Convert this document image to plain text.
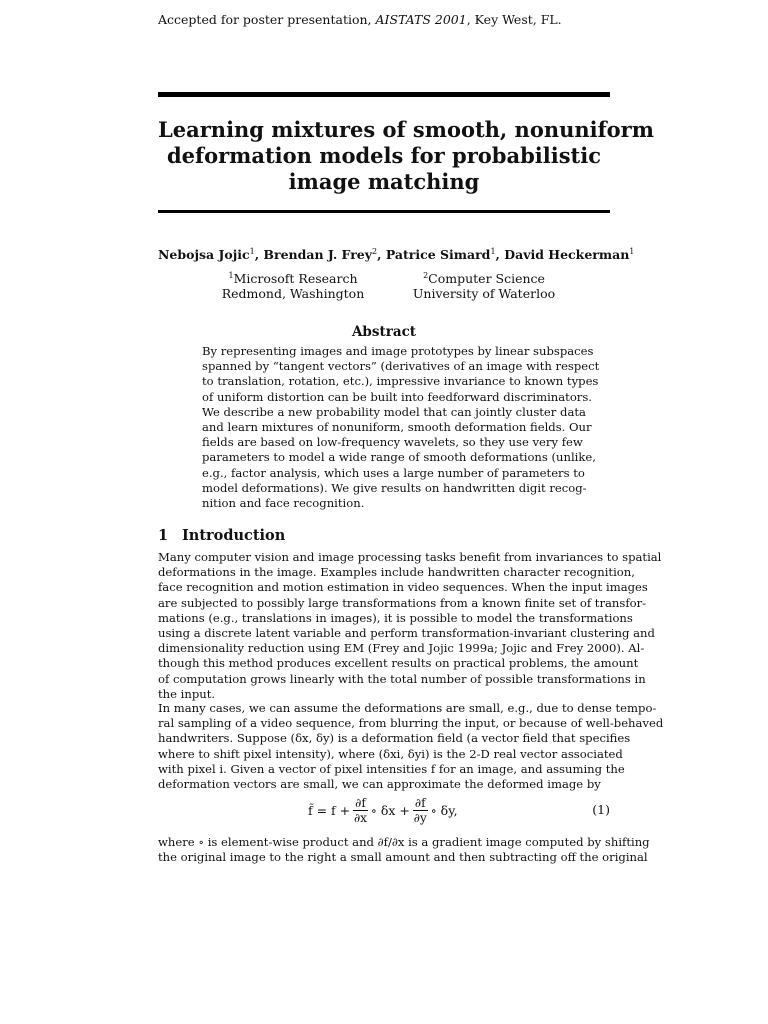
Accepted for poster presentation, AISTATS 2001, Key West, FL.
Learning mixtures of smooth, nonuniform
deformation models for probabilistic
image matching
Nebojsa Jojic$^1$, Brendan J. Frey$^2$, Patrice Simard$^1$, David Heckerman$^1$
$^1$Microsoft Research
Redmond, Washington
$^2$Computer Science
University of Waterloo
Abstract
By representing images and image prototypes by linear subspaces
spanned by “tangent vectors” (derivatives of an image with respect
to translation, rotation, etc.), impressive invariance to known types
of uniform distortion can be built into feedforward discriminators.
We describe a new probability model that can jointly cluster data
and learn mixtures of nonuniform, smooth deformation fields. Our
fields are based on low-frequency wavelets, so they use very few
parameters to model a wide range of smooth deformations (unlike,
e.g., factor analysis, which uses a large number of parameters to
model deformations). We give results on handwritten digit recog-
nition and face recognition.
1 Introduction
Many computer vision and image processing tasks benefit from invariances to spatial
deformations in the image. Examples include handwritten character recognition,
face recognition and motion estimation in video sequences. When the input images
are subjected to possibly large transformations from a known finite set of transfor-
mations (e.g., translations in images), it is possible to model the transformations
using a discrete latent variable and perform transformation-invariant clustering and
dimensionality reduction using EM (Frey and Jojic 1999a; Jojic and Frey 2000). Al-
though this method produces excellent results on practical problems, the amount
of computation grows linearly with the total number of possible transformations in
the input.
In many cases, we can assume the deformations are small, e.g., due to dense tempo-
ral sampling of a video sequence, from blurring the input, or because of well-behaved
handwriters. Suppose (δx, δy) is a deformation field (a vector field that specifies
where to shift pixel intensity), where (δxi, δyi) is the 2-D real vector associated
with pixel i. Given a vector of pixel intensities f for an image, and assuming the
deformation vectors are small, we can approximate the deformed image by
f̃ = $f + \frac{\partial f}{\partial x}$ ∘ $\delta x + \frac{\partial f}{\partial y}$ ∘ δy,	(1)
where ∘ is element-wise product and ∂f/∂x is a gradient image computed by shifting
the original image to the right a small amount and then subtracting off the original
